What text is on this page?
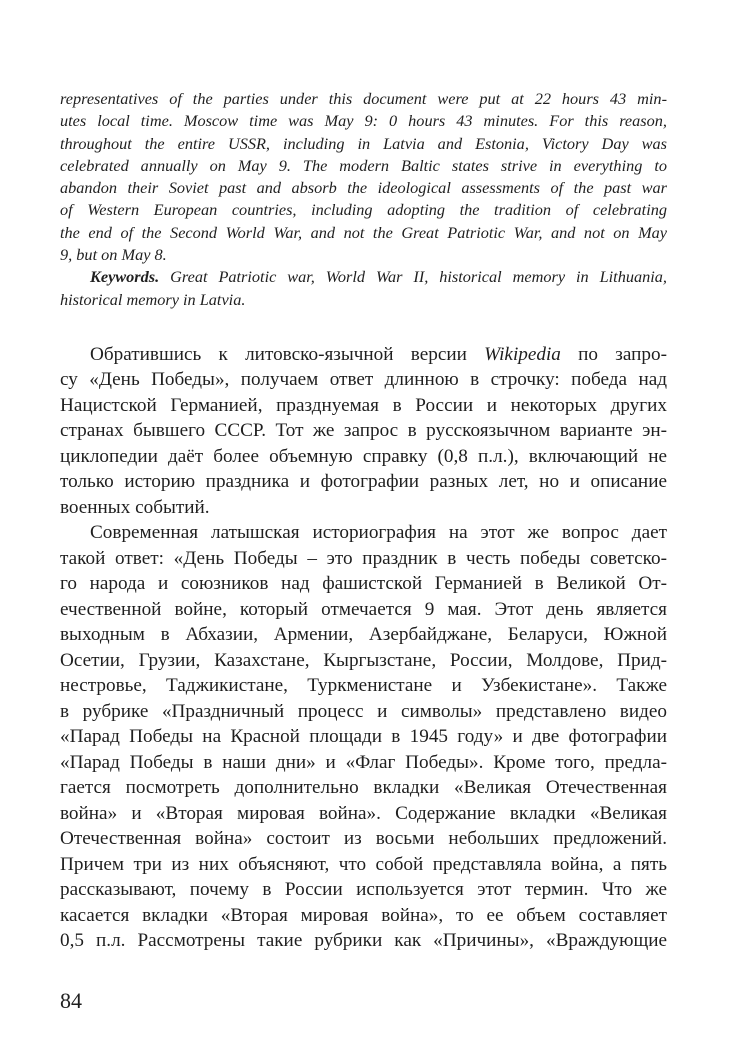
representatives of the parties under this document were put at 22 hours 43 min-
utes local time. Moscow time was May 9: 0 hours 43 minutes. For this reason,
throughout the entire USSR, including in Latvia and Estonia, Victory Day was
celebrated annually on May 9. The modern Baltic states strive in everything to
abandon their Soviet past and absorb the ideological assessments of the past war
of Western European countries, including adopting the tradition of celebrating
the end of the Second World War, and not the Great Patriotic War, and not on May
9, but on May 8.
Keywords. Great Patriotic war, World War II, historical memory in Lithuania,
historical memory in Latvia.
Обратившись к литовско-язычной версии Wikipedia по запро-
су «День Победы», получаем ответ длинною в строчку: победа над
Нацистской Германией, празднуемая в России и некоторых других
странах бывшего СССР. Тот же запрос в русскоязычном варианте эн-
циклопедии даёт более объемную справку (0,8 п.л.), включающий не
только историю праздника и фотографии разных лет, но и описание
военных событий.
Современная латышская историография на этот же вопрос дает
такой ответ: «День Победы – это праздник в честь победы советско-
го народа и союзников над фашистской Германией в Великой От-
ечественной войне, который отмечается 9 мая. Этот день является
выходным в Абхазии, Армении, Азербайджане, Беларуси, Южной
Осетии, Грузии, Казахстане, Кыргызстане, России, Молдове, Прид-
нестровье, Таджикистане, Туркменистане и Узбекистане». Также
в рубрике «Праздничный процесс и символы» представлено видео
«Парад Победы на Красной площади в 1945 году» и две фотографии
«Парад Победы в наши дни» и «Флаг Победы». Кроме того, предла-
гается посмотреть дополнительно вкладки «Великая Отечественная
война» и «Вторая мировая война». Содержание вкладки «Великая
Отечественная война» состоит из восьми небольших предложений.
Причем три из них объясняют, что собой представляла война, а пять
рассказывают, почему в России используется этот термин. Что же
касается вкладки «Вторая мировая война», то ее объем составляет
0,5 п.л. Рассмотрены такие рубрики как «Причины», «Враждующие
84
